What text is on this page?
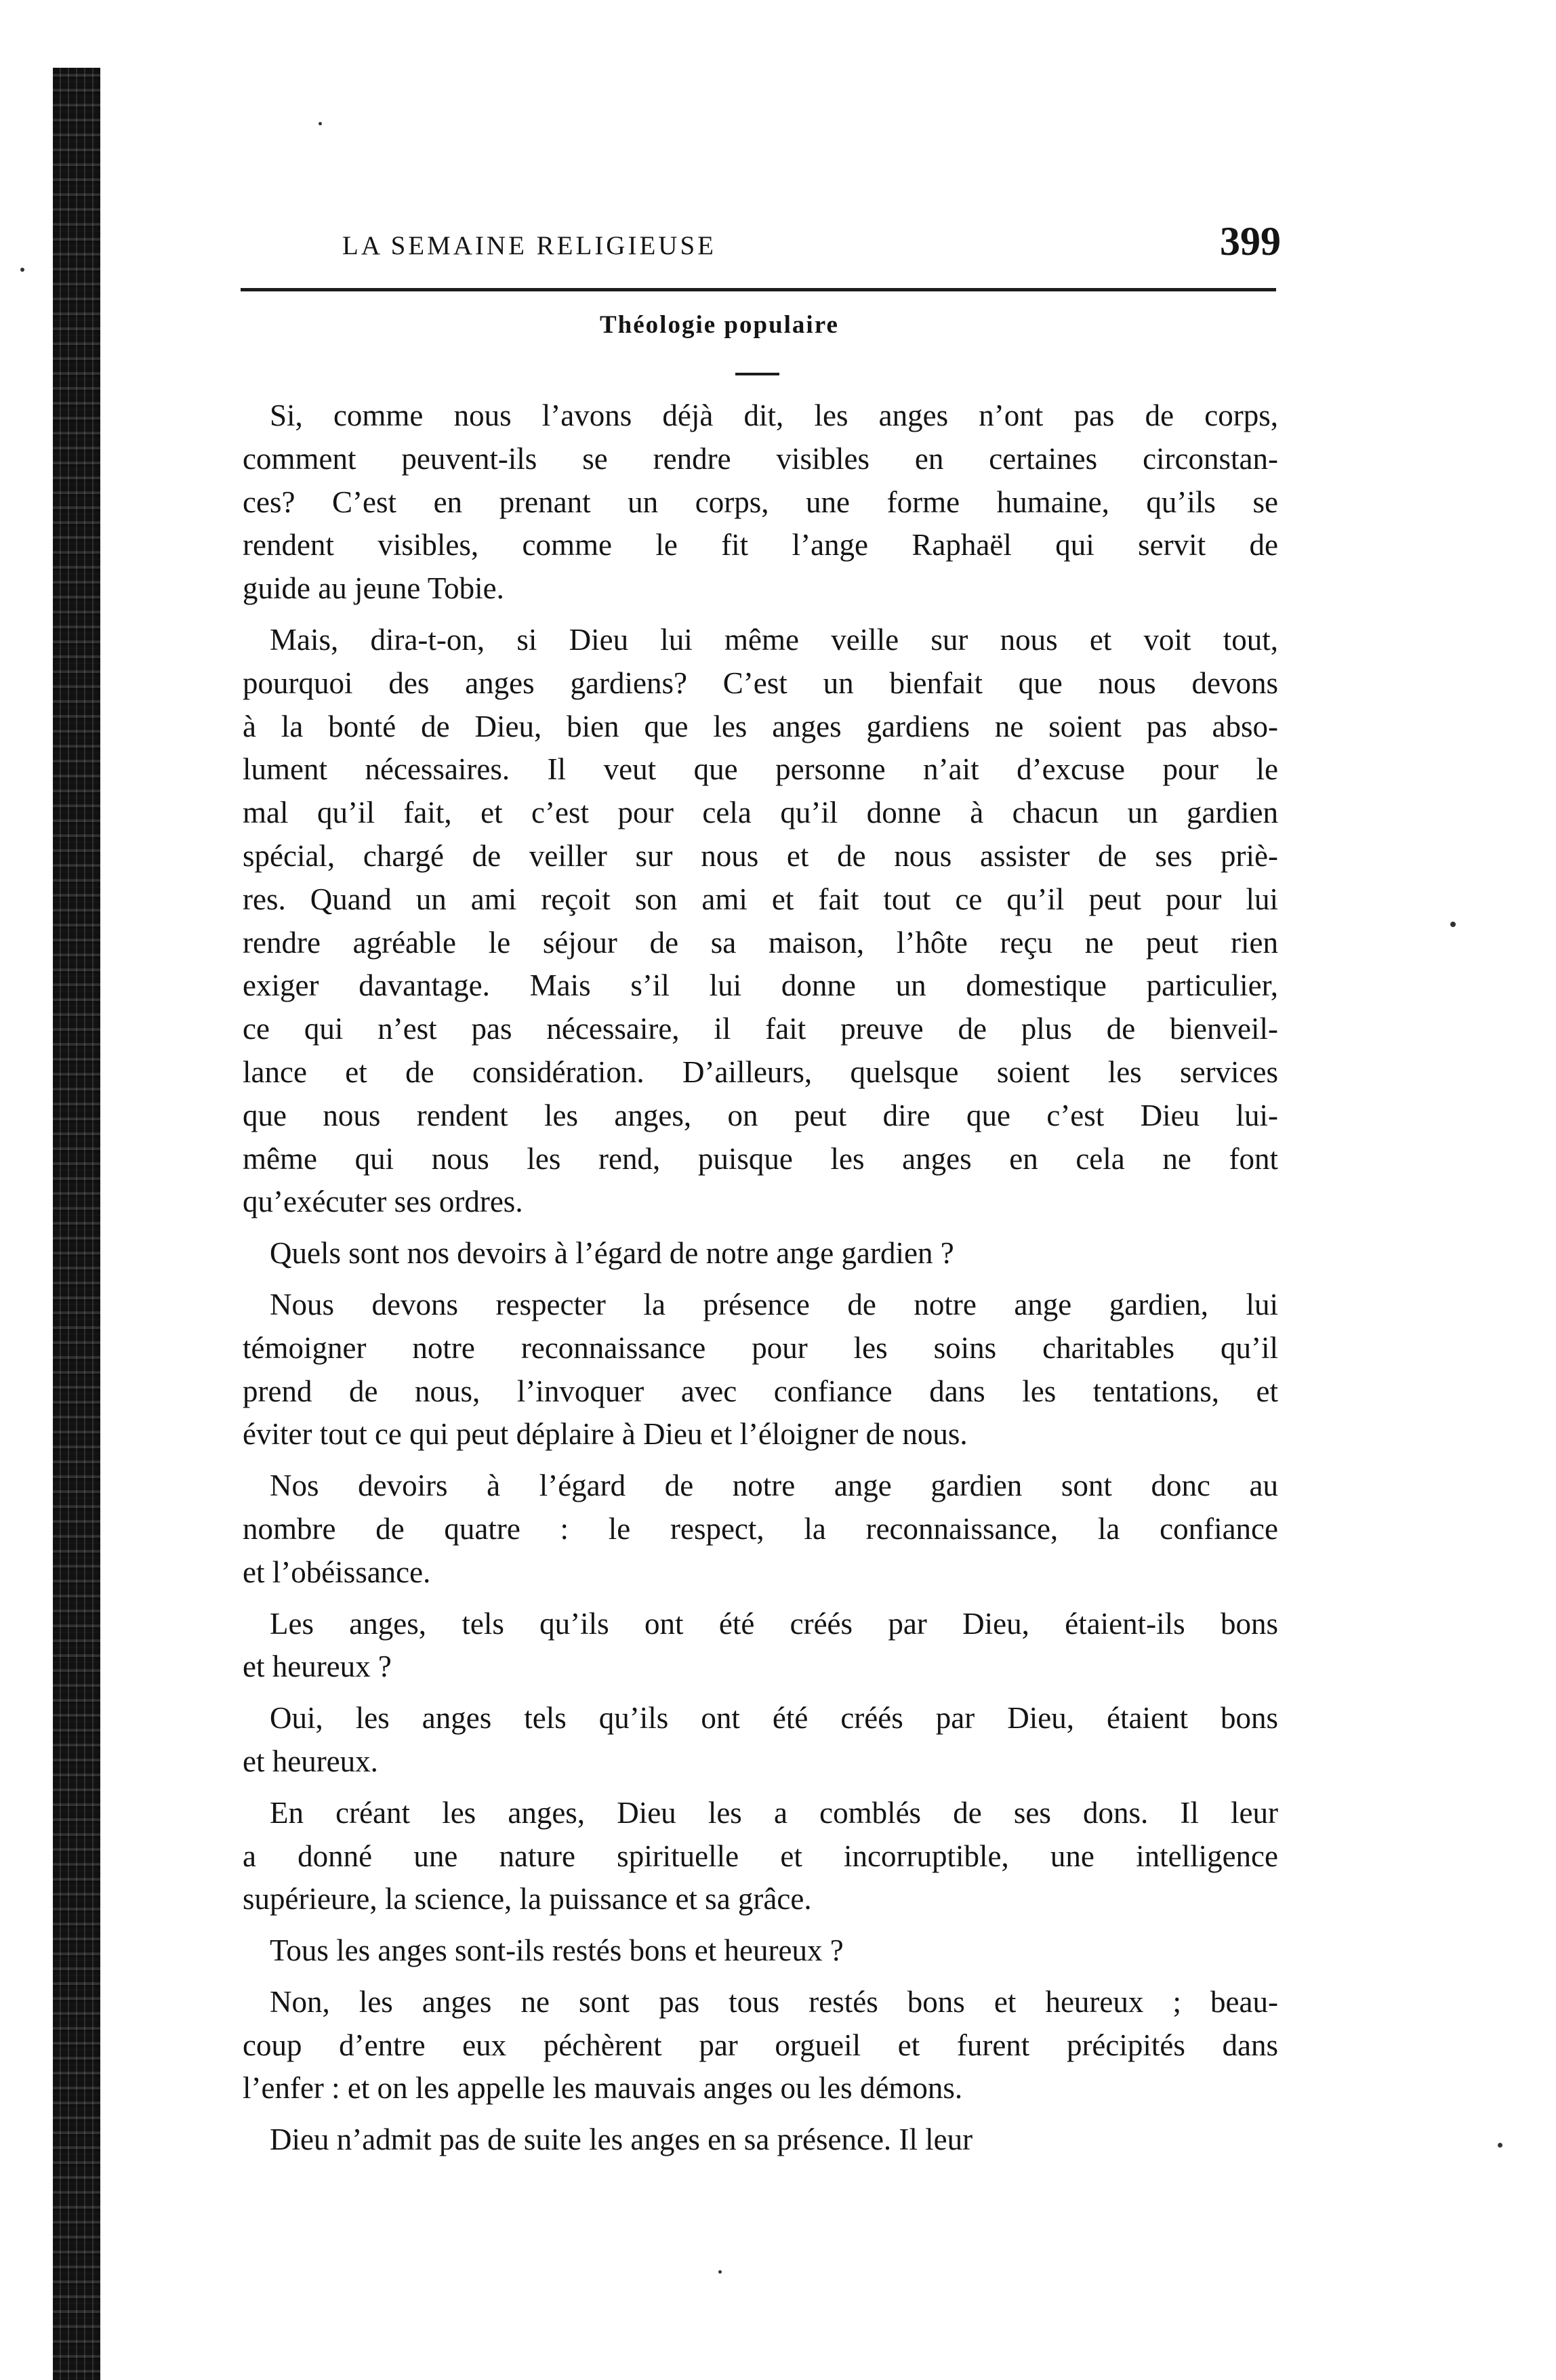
LA SEMAINE RELIGIEUSE	399
Théologie populaire
Si, comme nous l’avons déjà dit, les anges n’ont pas de corps,
comment peuvent-ils se rendre visibles en certaines circonstan-
ces? C’est en prenant un corps, une forme humaine, qu’ils se
rendent visibles, comme le fit l’ange Raphaël qui servit de
guide au jeune Tobie.
Mais, dira-t-on, si Dieu lui même veille sur nous et voit tout,
pourquoi des anges gardiens? C’est un bienfait que nous devons
à la bonté de Dieu, bien que les anges gardiens ne soient pas abso-
lument nécessaires. Il veut que personne n’ait d’excuse pour le
mal qu’il fait, et c’est pour cela qu’il donne à chacun un gardien
spécial, chargé de veiller sur nous et de nous assister de ses priè-
res. Quand un ami reçoit son ami et fait tout ce qu’il peut pour lui
rendre agréable le séjour de sa maison, l’hôte reçu ne peut rien
exiger davantage. Mais s’il lui donne un domestique particulier,
ce qui n’est pas nécessaire, il fait preuve de plus de bienveil-
lance et de considération. D’ailleurs, quelsque soient les services
que nous rendent les anges, on peut dire que c’est Dieu lui-
même qui nous les rend, puisque les anges en cela ne font
qu’exécuter ses ordres.
Quels sont nos devoirs à l’égard de notre ange gardien ?
Nous devons respecter la présence de notre ange gardien, lui
témoigner notre reconnaissance pour les soins charitables qu’il
prend de nous, l’invoquer avec confiance dans les tentations, et
éviter tout ce qui peut déplaire à Dieu et l’éloigner de nous.
Nos devoirs à l’égard de notre ange gardien sont donc au
nombre de quatre : le respect, la reconnaissance, la confiance
et l’obéissance.
Les anges, tels qu’ils ont été créés par Dieu, étaient-ils bons
et heureux ?
Oui, les anges tels qu’ils ont été créés par Dieu, étaient bons
et heureux.
En créant les anges, Dieu les a comblés de ses dons. Il leur
a donné une nature spirituelle et incorruptible, une intelligence
supérieure, la science, la puissance et sa grâce.
Tous les anges sont-ils restés bons et heureux ?
Non, les anges ne sont pas tous restés bons et heureux ; beau-
coup d’entre eux péchèrent par orgueil et furent précipités dans
l’enfer : et on les appelle les mauvais anges ou les démons.
Dieu n’admit pas de suite les anges en sa présence. Il leur
